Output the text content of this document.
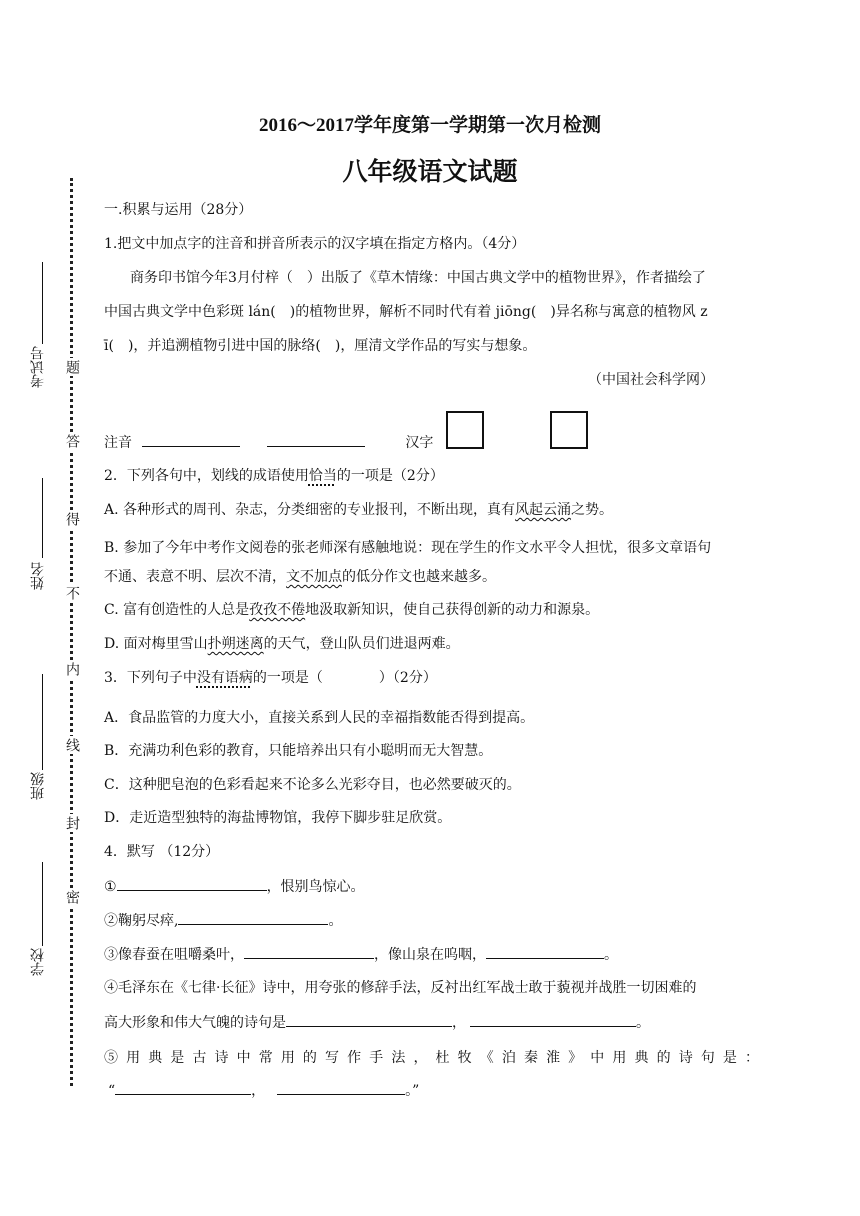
考试号
姓名
班级
学校
题
答
得
不
内
线
封
密
2016～2017学年度第一学期第一次月检测
八年级语文试题
一.积累与运用（28分）
1.把文中加点字的注音和拼音所表示的汉字填在指定方格内。（4分）
商务印书馆今年3月付梓（　）出版了《草木情缘：中国古典文学中的植物世界》，作者描绘了
中国古典文学中色彩斑 lán(　)的植物世界，解析不同时代有着 jiōng(　)异名称与寓意的植物风 z
ī(　)，并追溯植物引进中国的脉络(　)，厘清文学作品的写实与想象。
（中国社会科学网）
注音	汉字
2．下列各句中，划线的成语使用恰当的一项是（2分）
A. 各种形式的周刊、杂志，分类细密的专业报刊，不断出现，真有风起云涌之势。
B. 参加了今年中考作文阅卷的张老师深有感触地说：现在学生的作文水平令人担忧，很多文章语句
不通、表意不明、层次不清，文不加点的低分作文也越来越多。
C. 富有创造性的人总是孜孜不倦地汲取新知识，使自己获得创新的动力和源泉。
D. 面对梅里雪山扑朔迷离的天气，登山队员们进退两难。
3．下列句子中没有语病的一项是（　　　　）（2分）
A．食品监管的力度大小，直接关系到人民的幸福指数能否得到提高。
B．充满功利色彩的教育，只能培养出只有小聪明而无大智慧。
C．这种肥皂泡的色彩看起来不论多么光彩夺目，也必然要破灭的。
D．走近造型独特的海盐博物馆，我停下脚步驻足欣赏。
4．默写 （12分）
①	，恨别鸟惊心。
②鞠躬尽瘁,	。
③像春蚕在咀嚼桑叶，	，像山泉在呜咽，	。
④毛泽东在《七律·长征》诗中，用夸张的修辞手法，反衬出红军战士敢于藐视并战胜一切困难的
高大形象和伟大气魄的诗句是	，	。
⑤用典是古诗中常用的写作手法，杜牧《泊秦淮》中用典的诗句是：
“	，	。”
